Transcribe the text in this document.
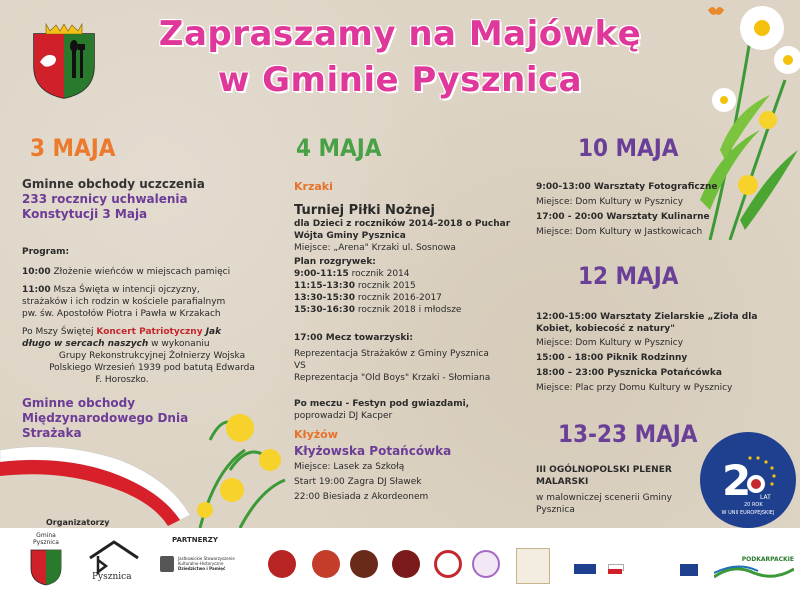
Zapraszamy na Majówkę
w Gminie Pysznica
3 MAJA
Gminne obchody uczczenia
233 rocznicy uchwalenia
Konstytucji 3 Maja
Program:
10:00 Złożenie wieńców w miejscach pamięci
11:00 Msza Święta w intencji ojczyzny,
strażaków i ich rodzin w kościele parafialnym
pw. św. Apostołów Piotra i Pawła w Krzakach
Po Mszy Świętej Koncert Patriotyczny Jak
długo w sercach naszych w wykonaniu
Grupy Rekonstrukcyjnej Żołnierzy Wojska
Polskiego Wrzesień 1939 pod batutą Edwarda
F. Horoszko.
Gminne obchody
Międzynarodowego Dnia
Strażaka
4 MAJA
Krzaki
Turniej Piłki Nożnej
dla Dzieci z roczników 2014-2018 o Puchar
Wójta Gminy Pysznica
Miejsce: „Arena" Krzaki ul. Sosnowa
Plan rozgrywek:
9:00-11:15 rocznik 2014
11:15-13:30 rocznik 2015
13:30-15:30 rocznik 2016-2017
15:30-16:30 rocznik 2018 i młodsze
17:00 Mecz towarzyski:
Reprezentacja Strażaków z Gminy Pysznica
VS
Reprezentacja "Old Boys" Krzaki - Słomiana
Po meczu - Festyn pod gwiazdami,
poprowadzi DJ Kacper
Kłyżów
Kłyżowska Potańcówka
Miejsce: Lasek za Szkołą
Start 19:00 Zagra DJ Sławek
22:00 Biesiada z Akordeonem
10 MAJA
9:00-13:00 Warsztaty Fotograficzne
Miejsce: Dom Kultury w Pysznicy
17:00 - 20:00 Warsztaty Kulinarne
Miejsce: Dom Kultury w Jastkowicach
12 MAJA
12:00-15:00 Warsztaty Zielarskie „Zioła dla
Kobiet, kobiecość z natury"
Miejsce: Dom Kultury w Pysznicy
15:00 - 18:00 Piknik Rodzinny
18:00 – 23:00 Pysznicka Potańcówka
Miejsce: Plac przy Domu Kultury w Pysznicy
13-23 MAJA
III OGÓLNOPOLSKI PLENER
MALARSKI
w malowniczej scenerii Gminy
Pysznica
2 LAT
20 ROK
W UNII EUROPEJSKIEJ
Organizatorzy
Gmina
Pysznica
Pysznica
PARTNERZY
Jastkowickie Stowarzyszenie
Kulturalno-Historyczne
Dziedzictwo i Pamięć
PODKARPACKIE
